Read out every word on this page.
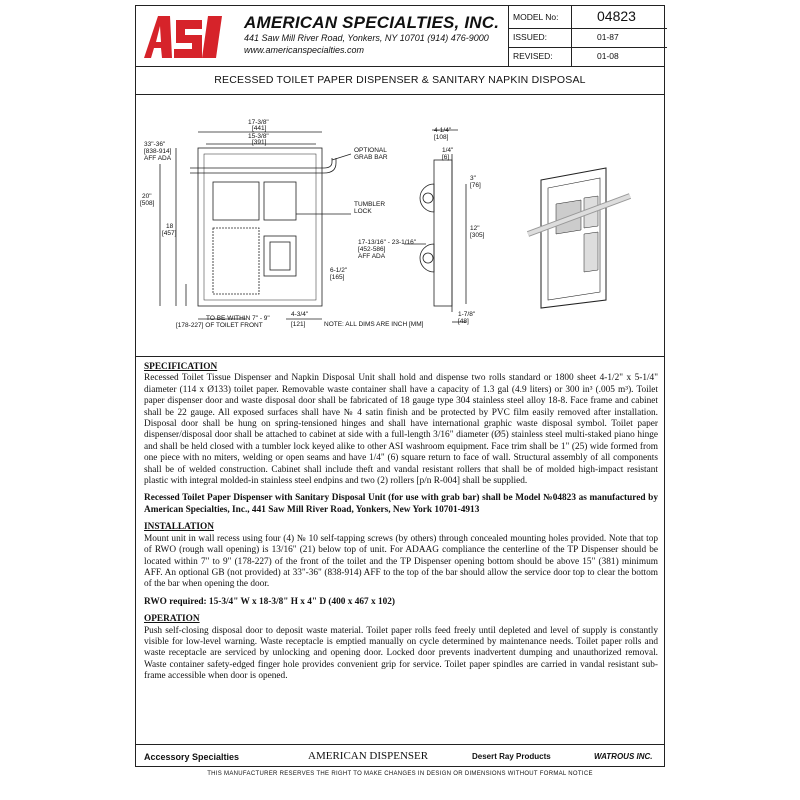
AMERICAN SPECIALTIES, INC.
441 Saw Mill River Road, Yonkers, NY 10701 (914) 476-9000
www.americanspecialties.com
MODEL No:	04823
ISSUED:	01-87
REVISED:	01-08
RECESSED TOILET PAPER DISPENSER & SANITARY NAPKIN DISPOSAL
17-3/8"
[441]
15-3/8"
[391]
33"-36"
[838-914]
AFF ADA
20"
[508]
18
[457]
OPTIONAL
GRAB BAR
TUMBLER
LOCK
17-13/16" - 23-1/16"
[452-586]
AFF ADA
6-1/2"
[165]
TO BE WITHIN 7" - 9"
[178-227] OF TOILET FRONT
4-3/4"
[121]	NOTE: ALL DIMS ARE INCH [MM]
4-1/4"
[108]
1/4"
[6]
3"
[76]
12"
[305]
1-7/8"
[48]
SPECIFICATION

Recessed Toilet Tissue Dispenser and Napkin Disposal Unit shall hold and dispense two rolls standard or 1800 sheet 4-1/2" x 5-1/4" diameter (114 x Ø133) toilet paper. Removable waste container shall have a capacity of 1.3 gal (4.9 liters) or 300 in³ (.005 m³). Toilet paper dispenser door and waste disposal door shall be fabricated of 18 gauge type 304 stainless steel alloy 18-8. Face frame and cabinet shall be 22 gauge. All exposed surfaces shall have № 4 satin finish and be protected by PVC film easily removed after installation. Disposal door shall be hung on spring-tensioned hinges and shall have international graphic waste disposal symbol. Toilet paper dispenser/disposal door shall be attached to cabinet at side with a full-length 3/16" diameter (Ø5) stainless steel multi-staked piano hinge and shall be held closed with a tumbler lock keyed alike to other ASI washroom equipment. Face trim shall be 1" (25) wide formed from one piece with no miters, welding or open seams and have 1/4" (6) square return to face of wall. Structural assembly of all components shall be of welded construction. Cabinet shall include theft and vandal resistant rollers that shall be of molded high-impact resistant plastic with integral molded-in stainless steel endpins and two (2) rollers [p/n R-004] shall be supplied.

Recessed Toilet Paper Dispenser with Sanitary Disposal Unit (for use with grab bar) shall be Model №04823 as manufactured by American Specialties, Inc., 441 Saw Mill River Road, Yonkers, New York 10701-4913

INSTALLATION

Mount unit in wall recess using four (4) № 10 self-tapping screws (by others) through concealed mounting holes provided. Note that top of RWO (rough wall opening) is 13/16" (21) below top of unit. For ADAAG compliance the centerline of the TP Dispenser should be located within 7" to 9" (178-227) of the front of the toilet and the TP Dispenser opening bottom should be above 15" (381) minimum AFF. An optional GB (not provided) at 33"-36" (838-914) AFF to the top of the bar should allow the service door top to clear the bottom of the bar when opening the door.

RWO required: 15-3/4" W x 18-3/8" H x 4" D (400 x 467 x 102)

OPERATION

Push self-closing disposal door to deposit waste material. Toilet paper rolls feed freely until depleted and level of supply is constantly visible for low-level warning. Waste receptacle is emptied manually on cycle determined by maintenance needs. Toilet paper rolls and waste receptacle are serviced by unlocking and opening door. Locked door prevents inadvertent dumping and unauthorized removal. Waste container safety-edged finger hole provides convenient grip for service. Toilet paper spindles are carried in vandal resistant sub-frame accessible when door is opened.

Accessory Specialties	AMERICAN DISPENSER	Desert Ray Products	WATROUS INC.
THIS MANUFACTURER RESERVES THE RIGHT TO MAKE CHANGES IN DESIGN OR DIMENSIONS WITHOUT FORMAL NOTICE
